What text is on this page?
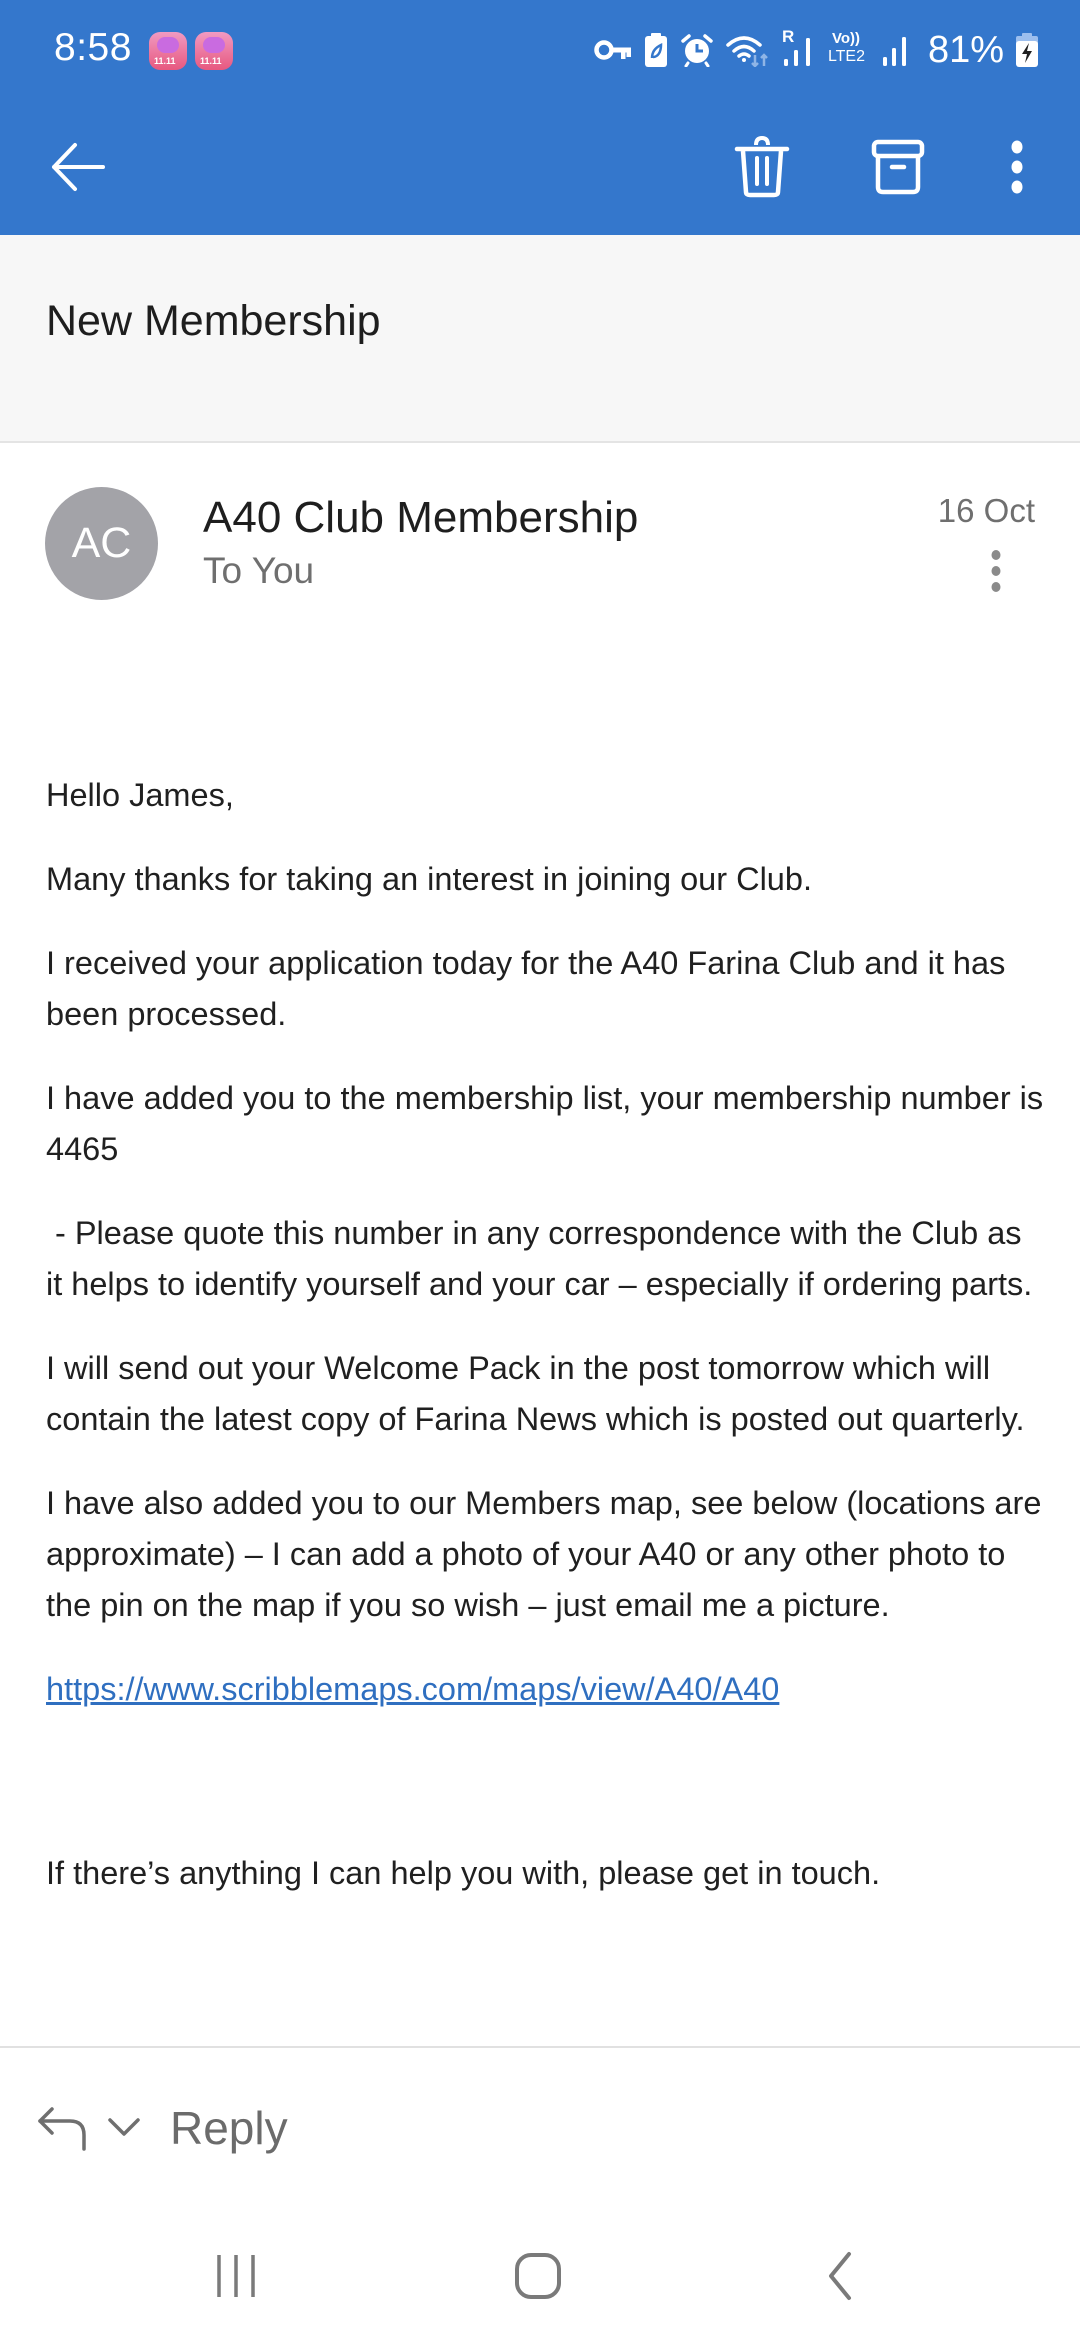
8:58 11.11	11.11
R	Vo))
LTE2 81%
New Membership
AC
A40 Club Membership
To You
16 Oct

Hello James,

Many thanks for taking an interest in joining our Club.

I received your application today for the A40 Farina Club and it has been processed.

I have added you to the membership list, your membership number is 4465

- Please quote this number in any correspondence with the Club as it helps to identify yourself and your car – especially if ordering parts.

I will send out your Welcome Pack in the post tomorrow which will contain the latest copy of Farina News which is posted out quarterly.

I have also added you to our Members map, see below (locations are approximate) – I can add a photo of your A40 or any other photo to the pin on the map if you so wish – just email me a picture.

https://www.scribblemaps.com/maps/view/A40/A40

If there’s anything I can help you with, please get in touch.

Reply
